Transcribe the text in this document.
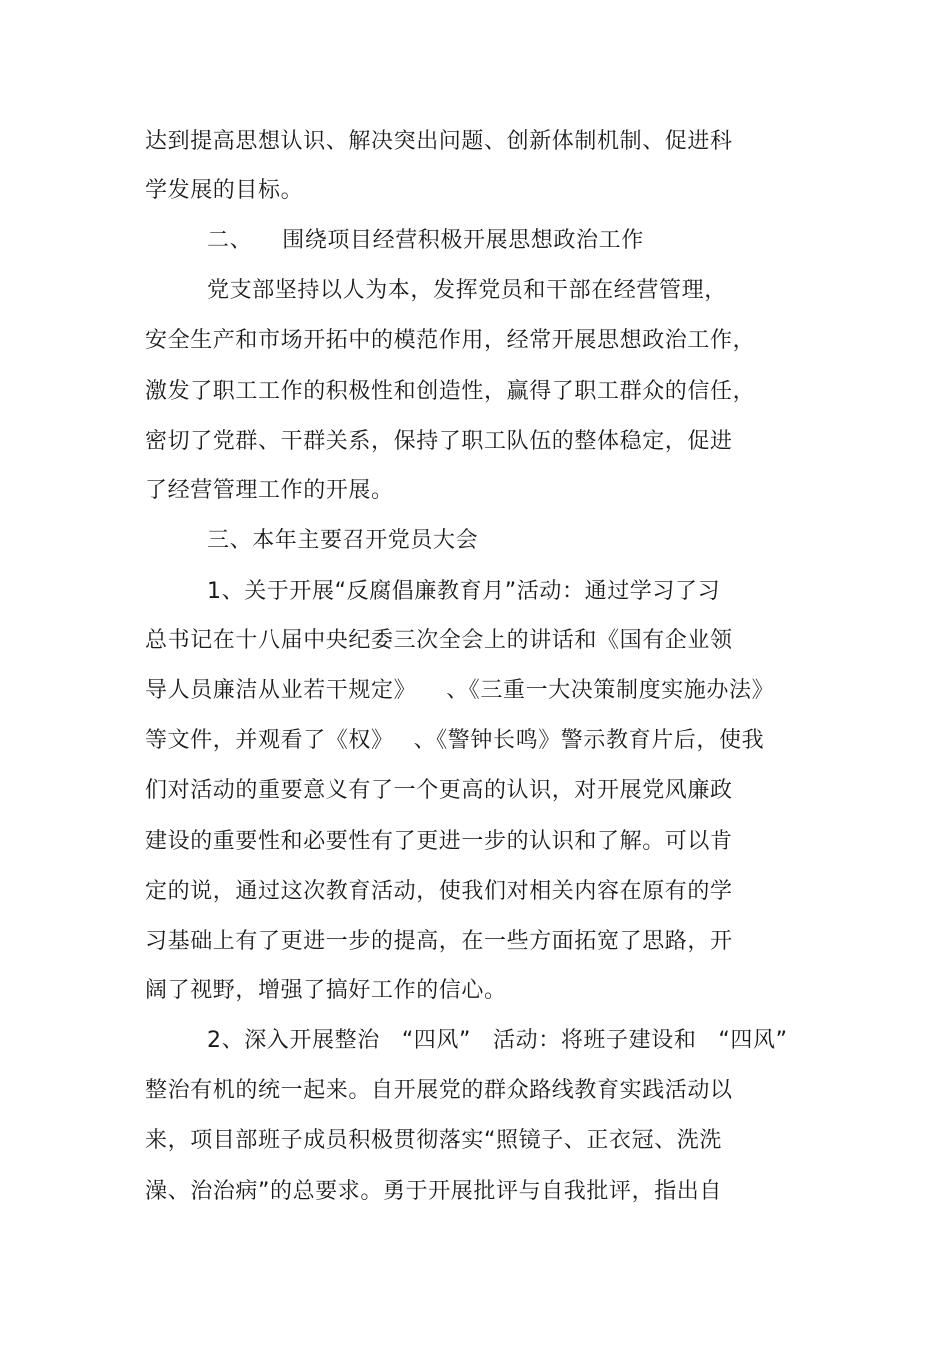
达到提高思想认识、解决突出问题、创新体制机制、促进科
学发展的目标。
二、 围绕项目经营积极开展思想政治工作
党支部坚持以人为本，发挥党员和干部在经营管理，
安全生产和市场开拓中的模范作用，经常开展思想政治工作，
激发了职工工作的积极性和创造性，赢得了职工群众的信任，
密切了党群、干群关系，保持了职工队伍的整体稳定，促进
了经营管理工作的开展。
三、本年主要召开党员大会
1、关于开展“反腐倡廉教育月”活动：通过学习了习
总书记在十八届中央纪委三次全会上的讲话和《国有企业领
导人员廉洁从业若干规定》 、《三重一大决策制度实施办法》
等文件，并观看了《权》 、《警钟长鸣》警示教育片后，使我
们对活动的重要意义有了一个更高的认识，对开展党风廉政
建设的重要性和必要性有了更进一步的认识和了解。可以肯
定的说，通过这次教育活动，使我们对相关内容在原有的学
习基础上有了更进一步的提高，在一些方面拓宽了思路，开
阔了视野，增强了搞好工作的信心。
2、深入开展整治 “四风” 活动：将班子建设和 “四风”
整治有机的统一起来。自开展党的群众路线教育实践活动以
来，项目部班子成员积极贯彻落实“照镜子、正衣冠、洗洗
澡、治治病”的总要求。勇于开展批评与自我批评，指出自
